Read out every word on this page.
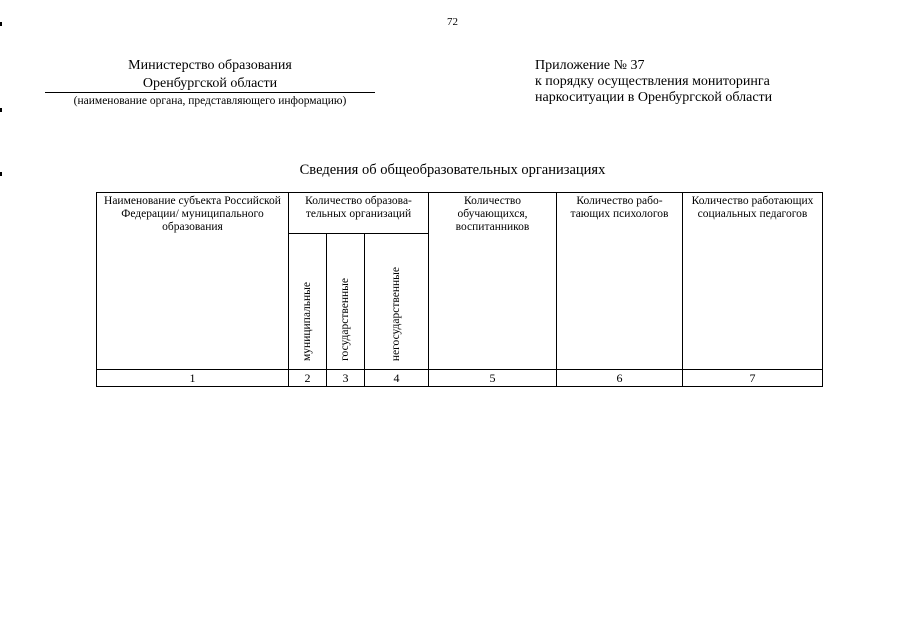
72
Министерство образования
Оренбургской области
(наименование органа, представляющего информацию)
Приложение № 37
к порядку осуществления мониторинга
наркоситуации в Оренбургской области
Сведения об общеобразовательных организациях
Наименование субъекта Российской Федерации/ муниципального образования	Количество образова-тельных организаций			Количество обучающихся, воспитанников	Количество рабо-тающих психологов	Количество работающих социальных педагогов

	муниципальные	государственные	негосударственные			

1	2	3	4	5	6	7
